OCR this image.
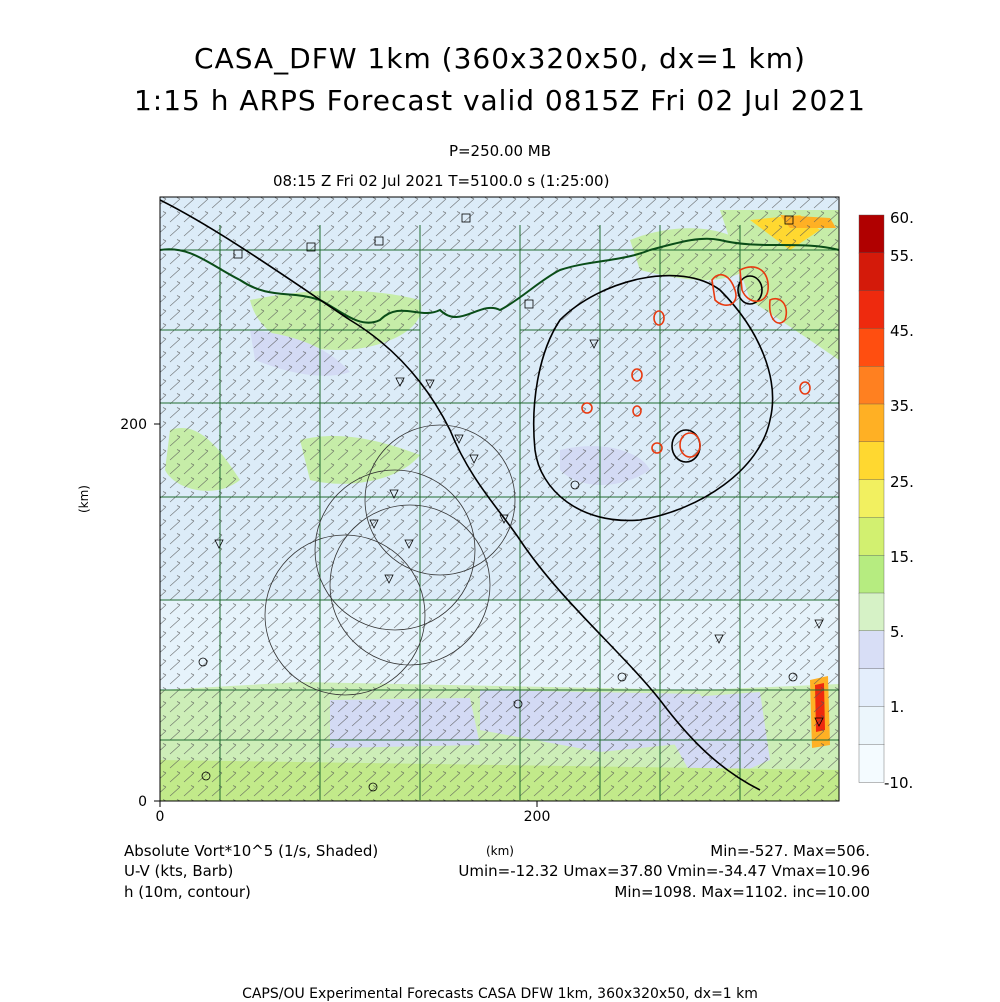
CASA_DFW 1km (360x320x50, dx=1 km)
1:15 h ARPS Forecast valid 0815Z Fri 02 Jul 2021
P=250.00 MB
08:15 Z Fri 02 Jul 2021 T=5100.0 s (1:25:00)
0	200
0
200
(km)
(km)
60.
55.
45.
35.
25.
15.
5.
1.
-10.
Absolute Vort*10^5 (1/s, Shaded)	Min=-527. Max=506.
U-V (kts, Barb)	Umin=-12.32 Umax=37.80 Vmin=-34.47 Vmax=10.96
h (10m, contour)	Min=1098. Max=1102. inc=10.00
CAPS/OU Experimental Forecasts CASA DFW 1km, 360x320x50, dx=1 km
